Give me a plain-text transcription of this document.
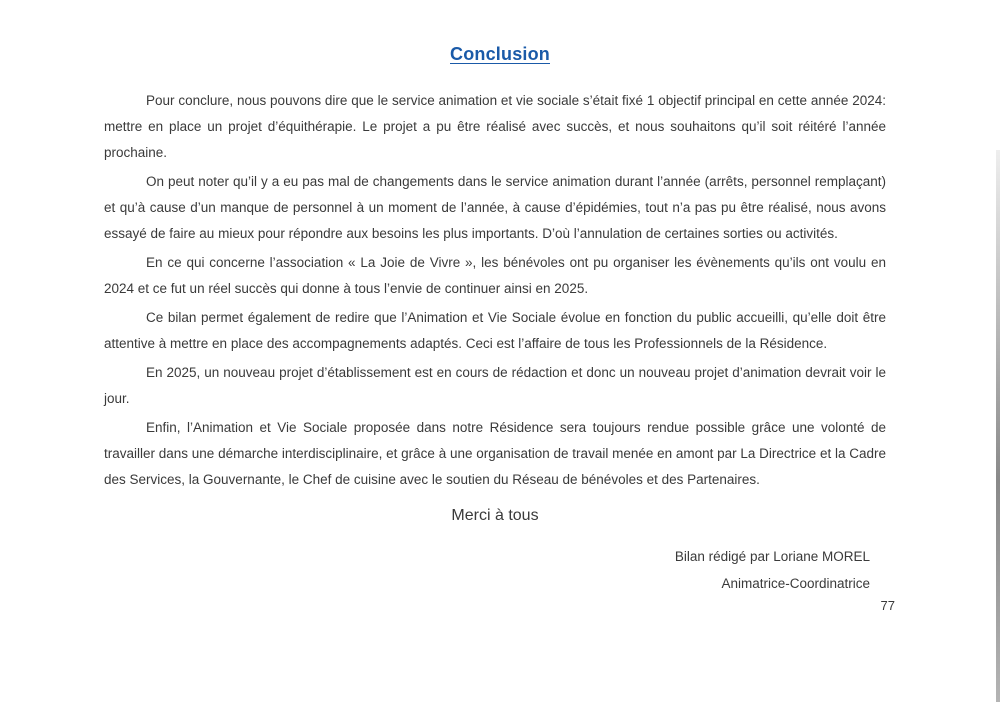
Conclusion

Pour conclure, nous pouvons dire que le service animation et vie sociale s’était fixé 1 objectif principal en cette année 2024: mettre en place un projet d’équithérapie. Le projet a pu être réalisé avec succès, et nous souhaitons qu’il soit réitéré l’année prochaine.

On peut noter qu’il y a eu pas mal de changements dans le service animation durant l’année (arrêts, personnel remplaçant) et qu’à cause d’un manque de personnel à un moment de l’année, à cause d’épidémies, tout n’a pas pu être réalisé, nous avons essayé de faire au mieux pour répondre aux besoins les plus importants. D’où l’annulation de certaines sorties ou activités.

En ce qui concerne l’association « La Joie de Vivre », les bénévoles ont pu organiser les évènements qu’ils ont voulu en 2024 et ce fut un réel succès qui donne à tous l’envie de continuer ainsi en 2025.

Ce bilan permet également de redire que l’Animation et Vie Sociale évolue en fonction du public accueilli, qu’elle doit être attentive à mettre en place des accompagnements adaptés. Ceci est l’affaire de tous les Professionnels de la Résidence.

En 2025, un nouveau projet d’établissement est en cours de rédaction et donc un nouveau projet d’animation devrait voir le jour.

Enfin, l’Animation et Vie Sociale proposée dans notre Résidence sera toujours rendue possible grâce une volonté de travailler dans une démarche interdisciplinaire, et grâce à une organisation de travail menée en amont par La Directrice et la Cadre des Services, la Gouvernante, le Chef de cuisine avec le soutien du Réseau de bénévoles et des Partenaires.

Merci à tous

Bilan rédigé par Loriane MOREL

Animatrice-Coordinatrice

77
